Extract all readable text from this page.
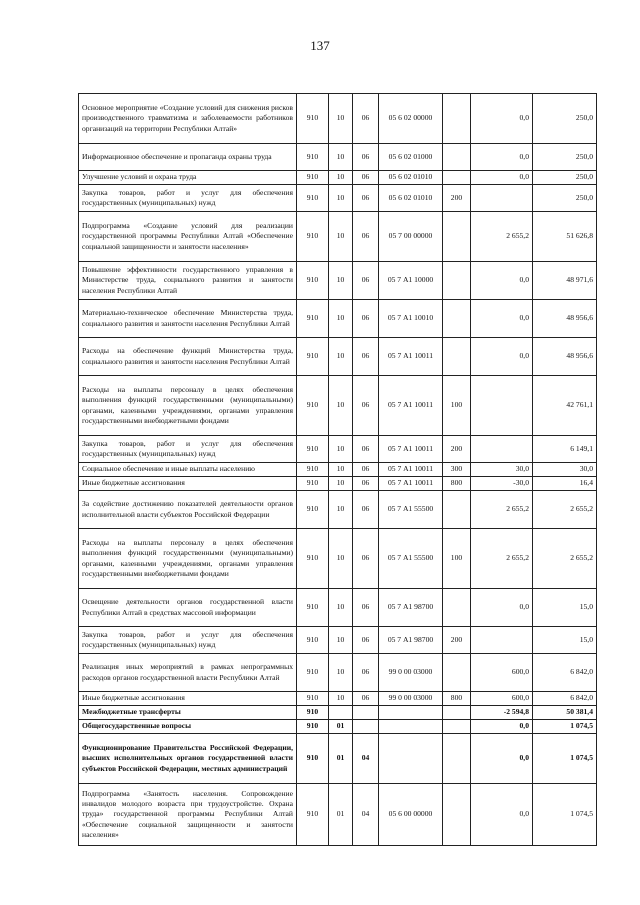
137
Основное мероприятие «Создание условий для снижения рисков производственного травматизма и заболеваемости работников организаций на территории Республики Алтай»	910	10	06	05 6 02 00000		0,0	250,0
Информационное обеспечение и пропаганда охраны труда	910	10	06	05 6 02 01000		0,0	250,0
Улучшение условий и охрана труда	910	10	06	05 6 02 01010		0,0	250,0
Закупка товаров, работ и услуг для обеспечения государственных (муниципальных) нужд	910	10	06	05 6 02 01010	200		250,0
Подпрограмма «Создание условий для реализации государственной программы Республики Алтай «Обеспечение социальной защищенности и занятости населения»	910	10	06	05 7 00 00000		2 655,2	51 626,8
Повышение эффективности государственного управления в Министерстве труда, социального развития и занятости населения Республики Алтай	910	10	06	05 7 А1 10000		0,0	48 971,6
Материально-техническое обеспечение Министерства труда, социального развития и занятости населения Республики Алтай	910	10	06	05 7 А1 10010		0,0	48 956,6
Расходы на обеспечение функций Министерства труда, социального развития и занятости населения Республики Алтай	910	10	06	05 7 А1 10011		0,0	48 956,6
Расходы на выплаты персоналу в целях обеспечения выполнения функций государственными (муниципальными) органами, казенными учреждениями, органами управления государственными внебюджетными фондами	910	10	06	05 7 А1 10011	100		42 761,1
Закупка товаров, работ и услуг для обеспечения государственных (муниципальных) нужд	910	10	06	05 7 А1 10011	200		6 149,1
Социальное обеспечение и иные выплаты населению	910	10	06	05 7 А1 10011	300	30,0	30,0
Иные бюджетные ассигнования	910	10	06	05 7 А1 10011	800	-30,0	16,4
За содействие достижению показателей деятельности органов исполнительной власти субъектов Российской Федерации	910	10	06	05 7 А1 55500		2 655,2	2 655,2
Расходы на выплаты персоналу в целях обеспечения выполнения функций государственными (муниципальными) органами, казенными учреждениями, органами управления государственными внебюджетными фондами	910	10	06	05 7 А1 55500	100	2 655,2	2 655,2
Освещение деятельности органов государственной власти Республики Алтай в средствах массовой информации	910	10	06	05 7 А1 98700		0,0	15,0
Закупка товаров, работ и услуг для обеспечения государственных (муниципальных) нужд	910	10	06	05 7 А1 98700	200		15,0
Реализация иных мероприятий в рамках непрограммных расходов органов государственной власти Республики Алтай	910	10	06	99 0 00 03000		600,0	6 842,0
Иные бюджетные ассигнования	910	10	06	99 0 00 03000	800	600,0	6 842,0
Межбюджетные трансферты	910					-2 594,8	50 381,4
Общегосударственные вопросы	910	01				0,0	1 074,5
Функционирование Правительства Российской Федерации, высших исполнительных органов государственной власти субъектов Российской Федерации, местных администраций	910	01	04			0,0	1 074,5
Подпрограмма «Занятость населения. Сопровождение инвалидов молодого возраста при трудоустройстве. Охрана труда» государственной программы Республики Алтай «Обеспечение социальной защищенности и занятости населения»	910	01	04	05 6 00 00000		0,0	1 074,5
